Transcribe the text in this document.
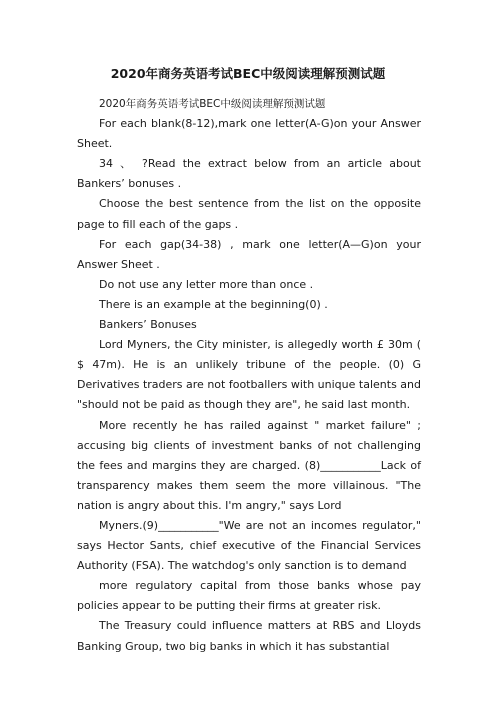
2020年商务英语考试BEC中级阅读理解预测试题

2020年商务英语考试BEC中级阅读理解预测试题

For each blank(8-12),mark one letter(A-G)on your Answer Sheet.

34 、 ?Read the extract below from an article about Bankers’ bonuses .

Choose the best sentence from the list on the opposite page to fill each of the gaps .

For each gap(34-38) , mark one letter(A—G)on your Answer Sheet .

Do not use any letter more than once .

There is an example at the beginning(0) .

Bankers’ Bonuses

Lord Myners, the City minister, is allegedly worth £ 30m ( $ 47m). He is an unlikely tribune of the people. (0) G Derivatives traders are not footballers with unique talents and "should not be paid as though they are", he said last month.

More recently he has railed against " market failure" ; accusing big clients of investment banks of not challenging the fees and margins they are charged. (8)___________Lack of transparency makes them seem the more villainous. "The nation is angry about this. I'm angry," says Lord

Myners.(9)___________"We are not an incomes regulator," says Hector Sants, chief executive of the Financial Services Authority (FSA). The watchdog's only sanction is to demand

more regulatory capital from those banks whose pay policies appear to be putting their firms at greater risk.

The Treasury could influence matters at RBS and Lloyds Banking Group, two big banks in which it has substantial
